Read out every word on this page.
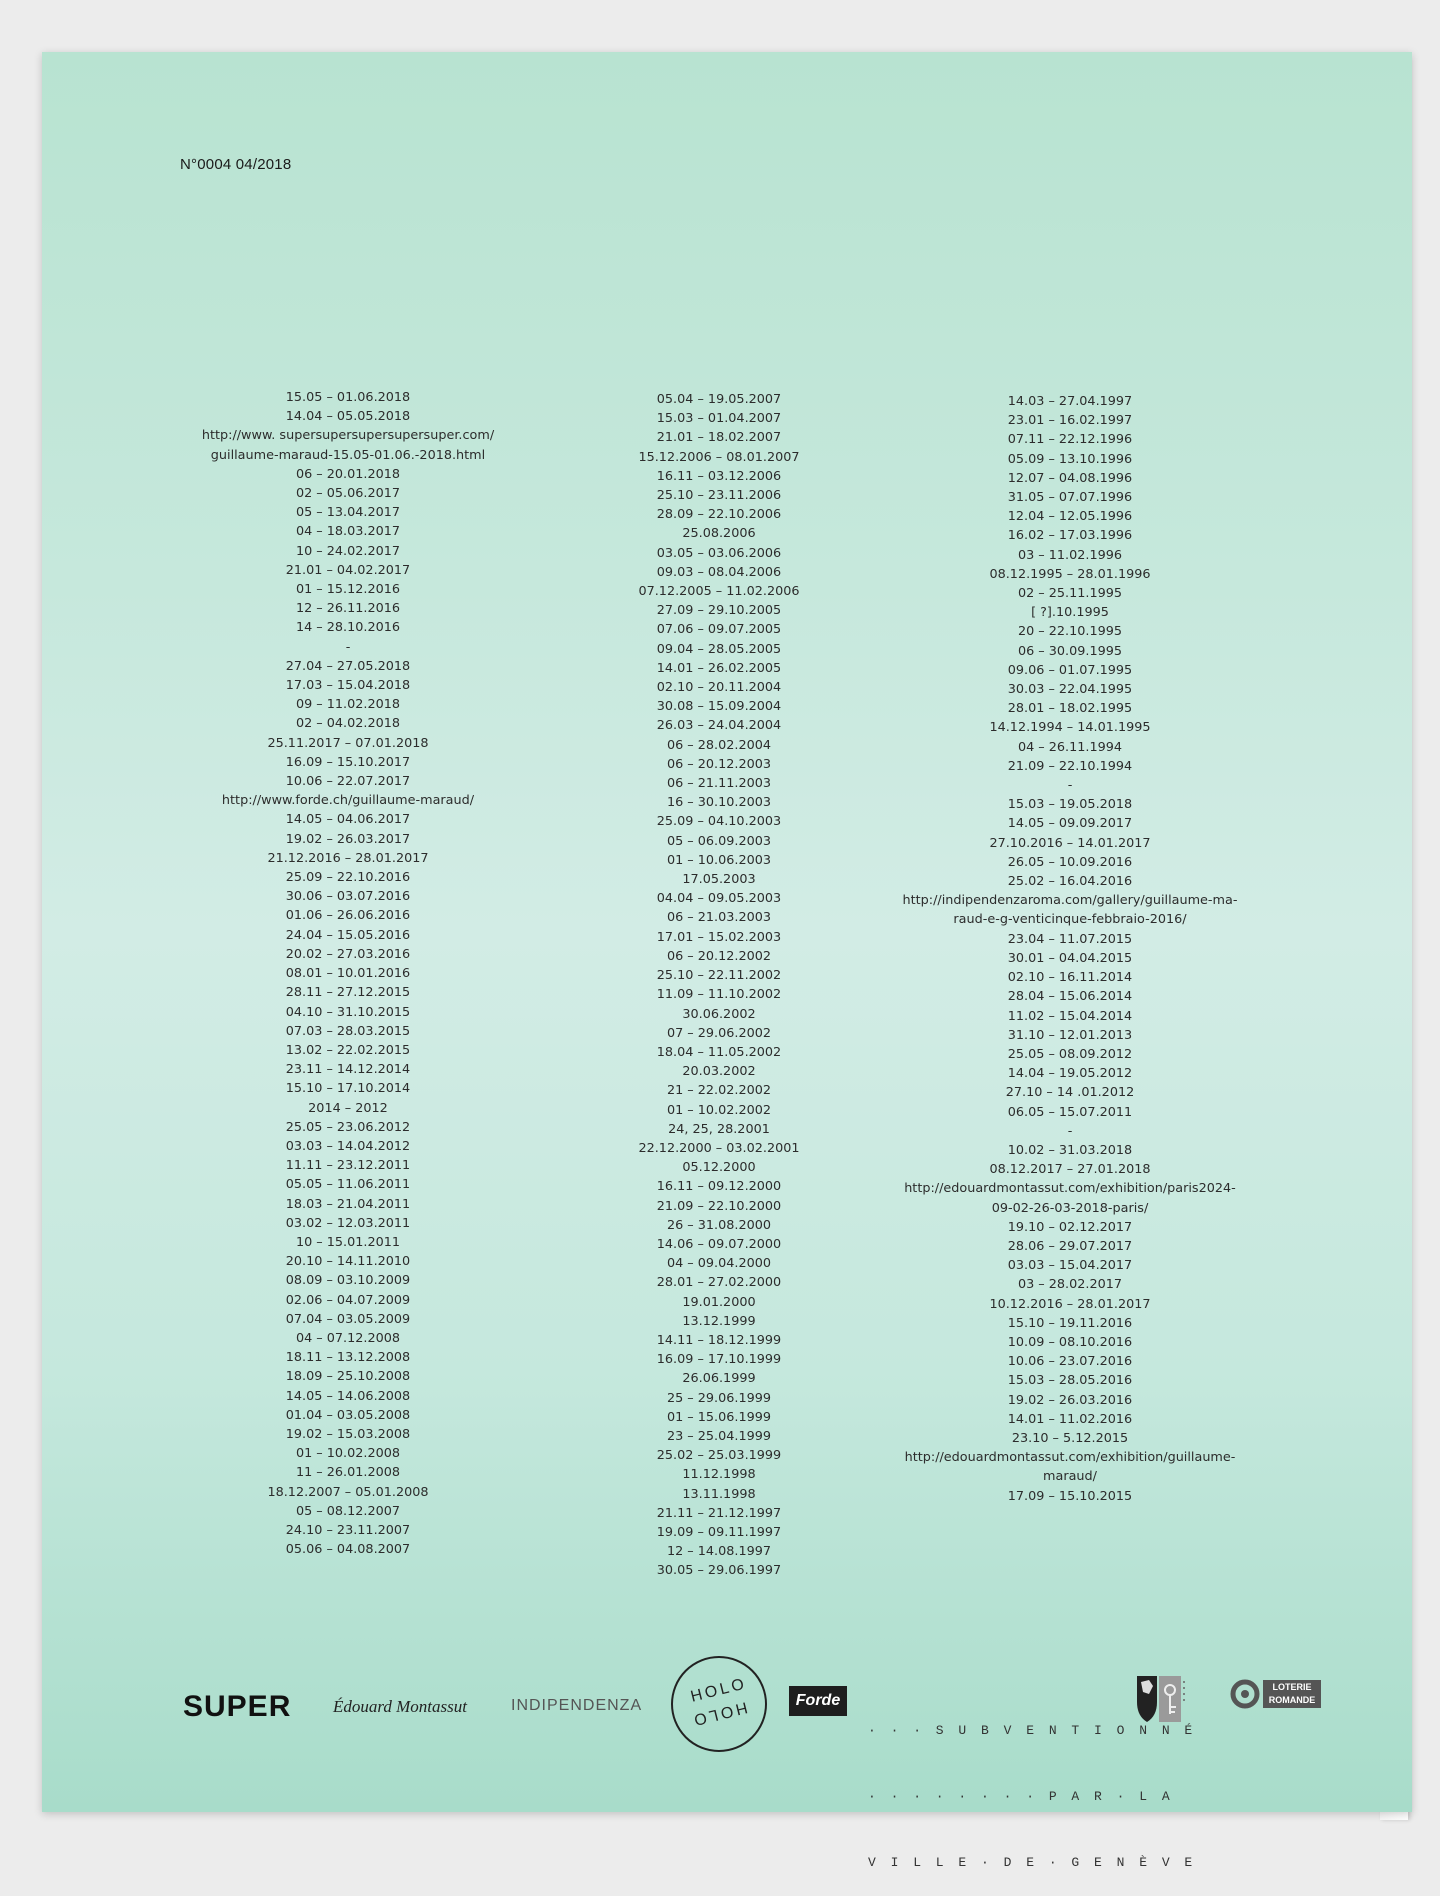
N°0004 04/2018
15.05 – 01.06.2018
14.04 – 05.05.2018
http://www. supersupersupersupersuper.com/
guillaume-maraud-15.05-01.06.-2018.html
06 – 20.01.2018
02 – 05.06.2017
05 – 13.04.2017
04 – 18.03.2017
10 – 24.02.2017
21.01 – 04.02.2017
01 – 15.12.2016
12 – 26.11.2016
14 – 28.10.2016
-
27.04 – 27.05.2018
17.03 – 15.04.2018
09 – 11.02.2018
02 – 04.02.2018
25.11.2017 – 07.01.2018
16.09 – 15.10.2017
10.06 – 22.07.2017
http://www.forde.ch/guillaume-maraud/
14.05 – 04.06.2017
19.02 – 26.03.2017
21.12.2016 – 28.01.2017
25.09 – 22.10.2016
30.06 – 03.07.2016
01.06 – 26.06.2016
24.04 – 15.05.2016
20.02 – 27.03.2016
08.01 – 10.01.2016
28.11 – 27.12.2015
04.10 – 31.10.2015
07.03 – 28.03.2015
13.02 – 22.02.2015
23.11 – 14.12.2014
15.10 – 17.10.2014
2014 – 2012
25.05 – 23.06.2012
03.03 – 14.04.2012
11.11 – 23.12.2011
05.05 – 11.06.2011
18.03 – 21.04.2011
03.02 – 12.03.2011
10 – 15.01.2011
20.10 – 14.11.2010
08.09 – 03.10.2009
02.06 – 04.07.2009
07.04 – 03.05.2009
04 – 07.12.2008
18.11 – 13.12.2008
18.09 – 25.10.2008
14.05 – 14.06.2008
01.04 – 03.05.2008
19.02 – 15.03.2008
01 – 10.02.2008
11 – 26.01.2008
18.12.2007 – 05.01.2008
05 – 08.12.2007
24.10 – 23.11.2007
05.06 – 04.08.2007
05.04 – 19.05.2007
15.03 – 01.04.2007
21.01 – 18.02.2007
15.12.2006 – 08.01.2007
16.11 – 03.12.2006
25.10 – 23.11.2006
28.09 – 22.10.2006
25.08.2006
03.05 – 03.06.2006
09.03 – 08.04.2006
07.12.2005 – 11.02.2006
27.09 – 29.10.2005
07.06 – 09.07.2005
09.04 – 28.05.2005
14.01 – 26.02.2005
02.10 – 20.11.2004
30.08 – 15.09.2004
26.03 – 24.04.2004
06 – 28.02.2004
06 – 20.12.2003
06 – 21.11.2003
16 – 30.10.2003
25.09 – 04.10.2003
05 – 06.09.2003
01 – 10.06.2003
17.05.2003
04.04 – 09.05.2003
06 – 21.03.2003
17.01 – 15.02.2003
06 – 20.12.2002
25.10 – 22.11.2002
11.09 – 11.10.2002
30.06.2002
07 – 29.06.2002
18.04 – 11.05.2002
20.03.2002
21 – 22.02.2002
01 – 10.02.2002
24, 25, 28.2001
22.12.2000 – 03.02.2001
05.12.2000
16.11 – 09.12.2000
21.09 – 22.10.2000
26 – 31.08.2000
14.06 – 09.07.2000
04 – 09.04.2000
28.01 – 27.02.2000
19.01.2000
13.12.1999
14.11 – 18.12.1999
16.09 – 17.10.1999
26.06.1999
25 – 29.06.1999
01 – 15.06.1999
23 – 25.04.1999
25.02 – 25.03.1999
11.12.1998
13.11.1998
21.11 – 21.12.1997
19.09 – 09.11.1997
12 – 14.08.1997
30.05 – 29.06.1997
14.03 – 27.04.1997
23.01 – 16.02.1997
07.11 – 22.12.1996
05.09 – 13.10.1996
12.07 – 04.08.1996
31.05 – 07.07.1996
12.04 – 12.05.1996
16.02 – 17.03.1996
03 – 11.02.1996
08.12.1995 – 28.01.1996
02 – 25.11.1995
[ ?].10.1995
20 – 22.10.1995
06 – 30.09.1995
09.06 – 01.07.1995
30.03 – 22.04.1995
28.01 – 18.02.1995
14.12.1994 – 14.01.1995
04 – 26.11.1994
21.09 – 22.10.1994
-
15.03 – 19.05.2018
14.05 – 09.09.2017
27.10.2016 – 14.01.2017
26.05 – 10.09.2016
25.02 – 16.04.2016
http://indipendenzaroma.com/gallery/guillaume-ma-
raud-e-g-venticinque-febbraio-2016/
23.04 – 11.07.2015
30.01 – 04.04.2015
02.10 – 16.11.2014
28.04 – 15.06.2014
11.02 – 15.04.2014
31.10 – 12.01.2013
25.05 – 08.09.2012
14.04 – 19.05.2012
27.10 – 14 .01.2012
06.05 – 15.07.2011
-
10.02 – 31.03.2018
08.12.2017 – 27.01.2018
http://edouardmontassut.com/exhibition/paris2024-
09-02-26-03-2018-paris/
19.10 – 02.12.2017
28.06 – 29.07.2017
03.03 – 15.04.2017
03 – 28.02.2017
10.12.2016 – 28.01.2017
15.10 – 19.11.2016
10.09 – 08.10.2016
10.06 – 23.07.2016
15.03 – 28.05.2016
19.02 – 26.03.2016
14.01 – 11.02.2016
23.10 – 5.12.2015
http://edouardmontassut.com/exhibition/guillaume-
maraud/
17.09 – 15.10.2015
SUPER Édouard Montassut	INDIPENDENZA	HOLO
HOLO	Forde

· · · S U B V E N T I O N N É

· · · · · · · · P A R · L A

V I L L E · D E · G E N È V E

LOTERIE ROMANDE
